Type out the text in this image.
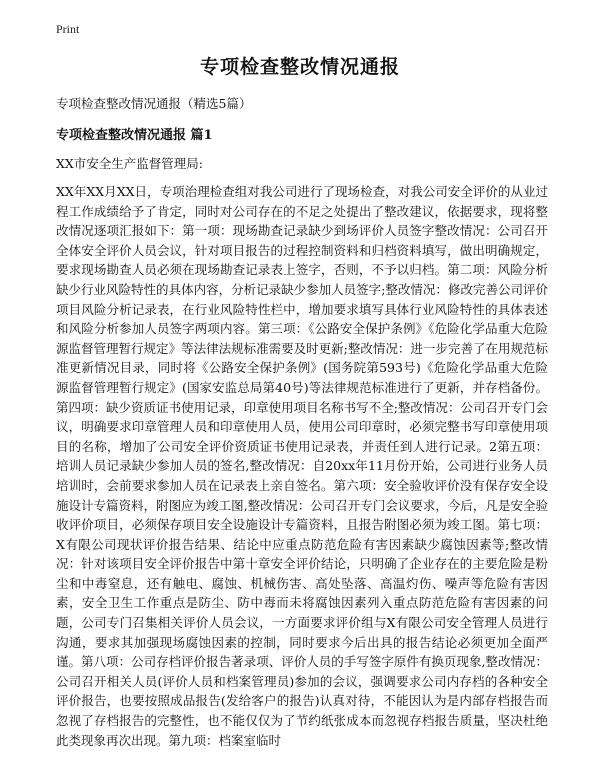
Print
专项检查整改情况通报
专项检查整改情况通报（精选5篇）
专项检查整改情况通报 篇1
XX市安全生产监督管理局:
XX年XX月XX日，专项治理检查组对我公司进行了现场检查，对我公司安全评价的从业过程工作成绩给予了肯定，同时对公司存在的不足之处提出了整改建议，依据要求，现将整改情况逐项汇报如下：第一项：现场勘查记录缺少到场评价人员签字整改情况：公司召开全体安全评价人员会议，针对项目报告的过程控制资料和归档资料填写，做出明确规定，要求现场勘查人员必须在现场勘查记录表上签字，否则，不予以归档。第二项：风险分析缺少行业风险特性的具体内容，分析记录缺少参加人员签字;整改情况：修改完善公司评价项目风险分析记录表，在行业风险特性栏中，增加要求填写具体行业风险特性的具体表述和风险分析参加人员签字两项内容。第三项：《公路安全保护条例》《危险化学品重大危险源监督管理暂行规定》等法律法规标准需要及时更新;整改情况：进一步完善了在用规范标准更新情况目录，同时将《公路安全保护条例》(国务院第593号)《危险化学品重大危险源监督管理暂行规定》(国家安监总局第40号)等法律规范标准进行了更新，并存档备份。第四项：缺少资质证书使用记录，印章使用项目名称书写不全;整改情况：公司召开专门会议，明确要求印章管理人员和印章使用人员，使用公司印章时，必须完整书写印章使用项目的名称，增加了公司安全评价资质证书使用记录表，并责任到人进行记录。2第五项：培训人员记录缺少参加人员的签名,整改情况：自20xx年11月份开始，公司进行业务人员培训时，会前要求参加人员在记录表上亲自签名。第六项：安全验收评价没有保存安全设施设计专篇资料，附图应为竣工图,整改情况：公司召开专门会议要求，今后，凡是安全验收评价项目，必须保存项目安全设施设计专篇资料，且报告附图必须为竣工图。第七项：X有限公司现状评价报告结果、结论中应重点防范危险有害因素缺少腐蚀因素等;整改情况：针对该项目安全评价报告中第十章安全评价结论，只明确了企业存在的主要危险是粉尘和中毒窒息，还有触电、腐蚀、机械伤害、高处坠落、高温灼伤、噪声等危险有害因素，安全卫生工作重点是防尘、防中毒而未将腐蚀因素列入重点防范危险有害因素的问题，公司专门召集相关评价人员会议，一方面要求评价组与X有限公司安全管理人员进行沟通，要求其加强现场腐蚀因素的控制，同时要求今后出具的报告结论必须更加全面严谨。第八项：公司存档评价报告著录项、评价人员的手写签字原件有换页现象,整改情况：公司召开相关人员(评价人员和档案管理员)参加的会议，强调要求公司内存档的各种安全评价报告，也要按照成品报告(发给客户的报告)认真对待，不能因认为是内部存档报告而忽视了存档报告的完整性，也不能仅仅为了节约纸张成本而忽视存档报告质量，坚决杜绝此类现象再次出现。第九项：档案室临时
